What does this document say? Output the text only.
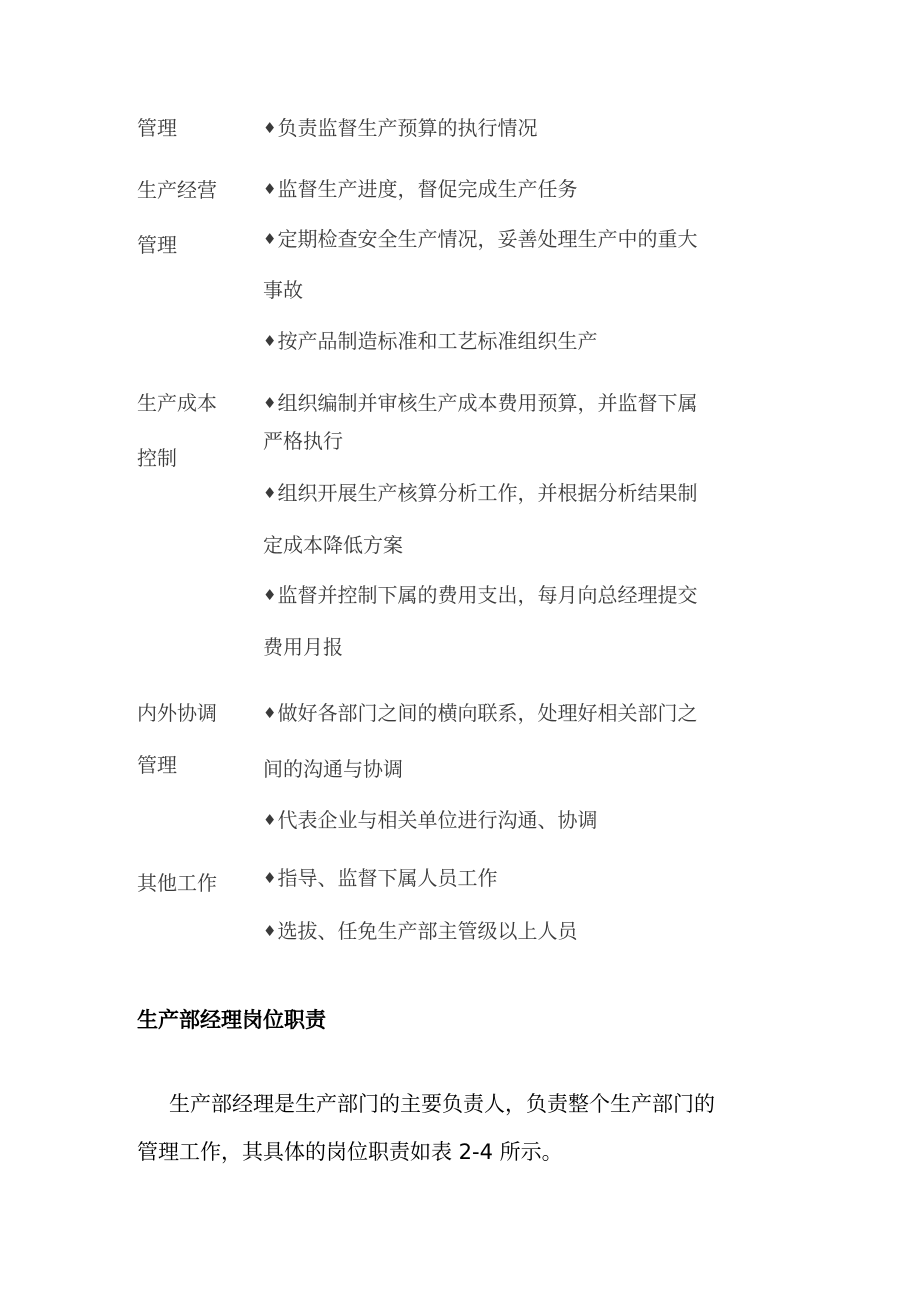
管理	♦负责监督生产预算的执行情况
生产经营
管理
♦监督生产进度，督促完成生产任务
♦定期检查安全生产情况，妥善处理生产中的重大
事故
♦按产品制造标准和工艺标准组织生产
生产成本
控制
♦组织编制并审核生产成本费用预算，并监督下属
严格执行
♦组织开展生产核算分析工作，并根据分析结果制
定成本降低方案
♦监督并控制下属的费用支出，每月向总经理提交
费用月报
内外协调
管理
♦做好各部门之间的横向联系，处理好相关部门之
间的沟通与协调
♦代表企业与相关单位进行沟通、协调
其他工作	♦指导、监督下属人员工作
♦选拔、任免生产部主管级以上人员
生产部经理岗位职责
生产部经理是生产部门的主要负责人，负责整个生产部门的
管理工作，其具体的岗位职责如表 2-4 所示。
